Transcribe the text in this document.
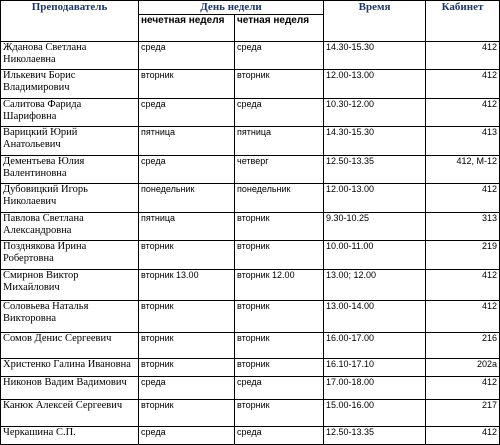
Преподаватель	День недели		Время	Кабинет
	нечетная неделя	четная неделя		
Жданова Светлана Николаевна	среда	среда	14.30-15.30	412
Илькевич Борис Владимирович	вторник	вторник	12.00-13.00	412
Салитова Фарида Шарифовна	среда	среда	10.30-12.00	412
Варицкий Юрий Анатольевич	пятница	пятница	14.30-15.30	413
Дементьева Юлия Валентиновна	среда	четверг	12.50-13.35	412, М-12
Дубовицкий Игорь Николаевич	понедельник	понедельник	12.00-13.00	412
Павлова Светлана Александровна	пятница	вторник	9.30-10.25	313
Позднякова Ирина Робертовна	вторник	вторник	10.00-11.00	219
Смирнов Виктор Михайлович	вторник 13.00	вторник 12.00	13.00; 12.00	412
Соловьева Наталья Викторовна	вторник	вторник	13.00-14.00	412
Сомов Денис Сергеевич	вторник	вторник	16.00-17.00	216
Христенко Галина Ивановна	вторник	вторник	16.10-17.10	202а
Никонов Вадим Вадимович	среда	среда	17.00-18.00	412
Канюк Алексей Сергеевич	вторник	вторник	15.00-16.00	217
Черкашина С.П.	среда	среда	12.50-13.35	412
